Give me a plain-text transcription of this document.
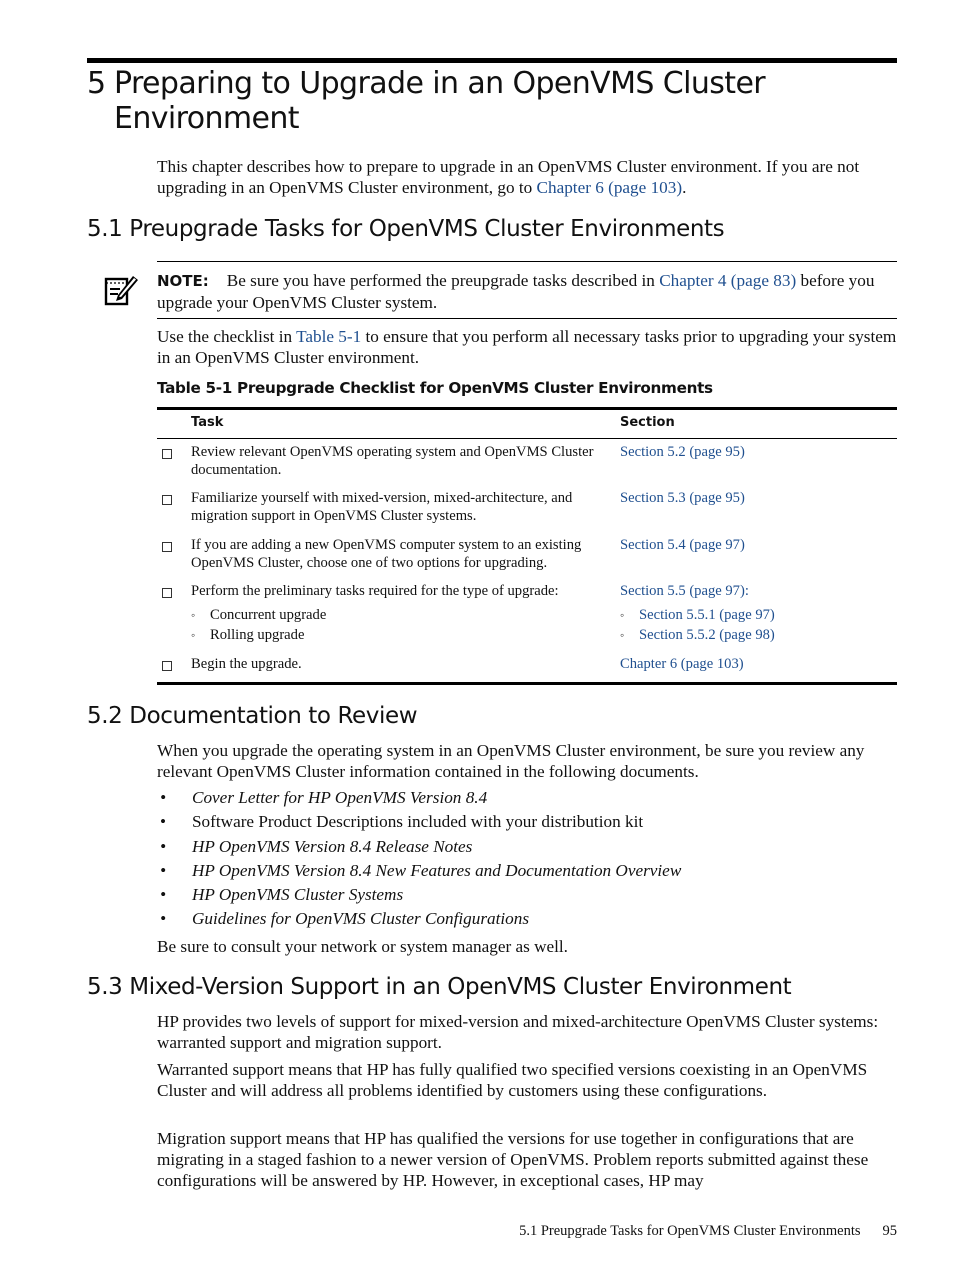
5 Preparing to Upgrade in an OpenVMS Cluster
Environment

This chapter describes how to prepare to upgrade in an OpenVMS Cluster environment. If you are not upgrading in an OpenVMS Cluster environment, go to Chapter 6 (page 103).

5.1 Preupgrade Tasks for OpenVMS Cluster Environments

NOTE: Be sure you have performed the preupgrade tasks described in Chapter 4 (page 83) before you upgrade your OpenVMS Cluster system.

Use the checklist in Table 5-1 to ensure that you perform all necessary tasks prior to upgrading your system in an OpenVMS Cluster environment.

Table 5-1 Preupgrade Checklist for OpenVMS Cluster Environments

Task	Section
Review relevant OpenVMS operating system and OpenVMS Cluster documentation.
Section 5.2 (page 95)
Familiarize yourself with mixed-version, mixed-architecture, and migration support in OpenVMS Cluster systems.
Section 5.3 (page 95)
If you are adding a new OpenVMS computer system to an existing OpenVMS Cluster, choose one of two options for upgrading.
Section 5.4 (page 97)
Perform the preliminary tasks required for the type of upgrade:
◦ Concurrent upgrade
◦ Rolling upgrade
Section 5.5 (page 97):
◦ Section 5.5.1 (page 97)
◦ Section 5.5.2 (page 98)
Begin the upgrade.	Chapter 6 (page 103)
5.2 Documentation to Review

When you upgrade the operating system in an OpenVMS Cluster environment, be sure you review any relevant OpenVMS Cluster information contained in the following documents.

• Cover Letter for HP OpenVMS Version 8.4
• Software Product Descriptions included with your distribution kit
• HP OpenVMS Version 8.4 Release Notes
• HP OpenVMS Version 8.4 New Features and Documentation Overview
• HP OpenVMS Cluster Systems
• Guidelines for OpenVMS Cluster Configurations

Be sure to consult your network or system manager as well.

5.3 Mixed-Version Support in an OpenVMS Cluster Environment

HP provides two levels of support for mixed-version and mixed-architecture OpenVMS Cluster systems: warranted support and migration support.

Warranted support means that HP has fully qualified two specified versions coexisting in an OpenVMS Cluster and will address all problems identified by customers using these configurations.

Migration support means that HP has qualified the versions for use together in configurations that are migrating in a staged fashion to a newer version of OpenVMS. Problem reports submitted against these configurations will be answered by HP. However, in exceptional cases, HP may

5.1 Preupgrade Tasks for OpenVMS Cluster Environments 95
